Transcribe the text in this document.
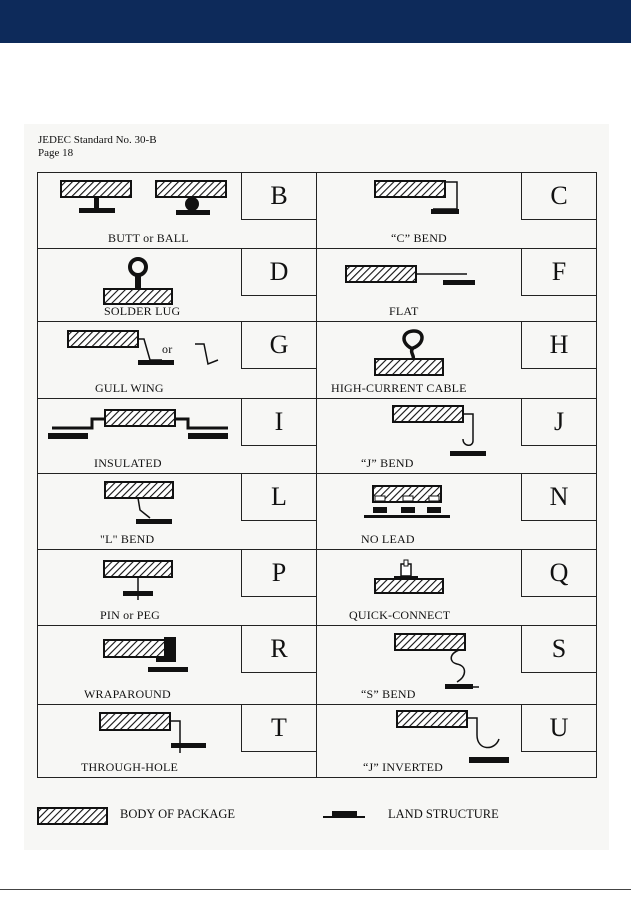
JEDEC Standard No. 30-B
Page 18
B
BUTT or BALL
C
“C” BEND
D
SOLDER LUG
F
FLAT
or	G
GULL WING
H
HIGH-CURRENT CABLE
I
INSULATED
J
“J” BEND
L
"L" BEND
N
NO LEAD
P
PIN or PEG
Q
QUICK-CONNECT
R
WRAPAROUND
S
“S” BEND
T
THROUGH-HOLE
U
“J” INVERTED
BODY OF PACKAGE	LAND STRUCTURE
